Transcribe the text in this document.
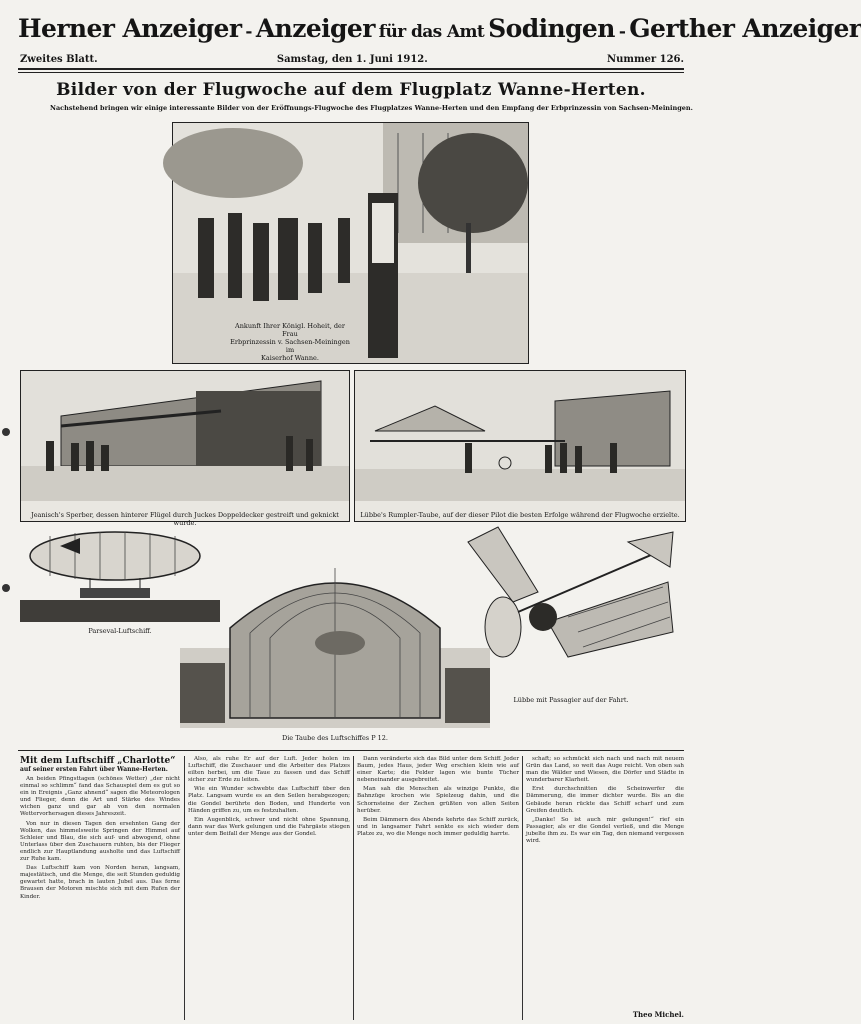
Herner Anzeiger - Anzeiger für das Amt Sodingen - Gerther Anzeiger
Zweites Blatt.	Samstag, den 1. Juni 1912.	Nummer 126.
Bilder von der Flugwoche auf dem Flugplatz Wanne-Herten.
Nachstehend bringen wir einige interessante Bilder von der Eröffnungs-Flugwoche des Flugplatzes Wanne-Herten und den Empfang der Erbprinzessin von Sachsen-Meiningen.
Ankunft Ihrer Königl. Hoheit, der Frau
Erbprinzessin v. Sachsen-Meiningen im
Kaiserhof Wanne.
Jeanisch's Sperber, dessen hinterer Flügel durch Juckes Doppeldecker gestreift und geknickt wurde.
Lübbe's Rumpler-Taube, auf der dieser Pilot die besten Erfolge während der Flugwoche erzielte.
Parseval-Luftschiff.
Die Taube des Luftschiffes P 12.
Lübbe mit Passagier auf der Fahrt.
Mit dem Luftschiff „Charlotte“
auf seiner ersten Fahrt über Wanne-Herten.

An beiden Pfingsttagen (schönes Wetter) „der nicht einmal so schlimm“ fand das Schauspiel dem es gut so ein in Ereignis „Ganz ahnend“ sagen die Meteorologen und Flieger, denn die Art und Stärke des Windes wichen ganz und gar ab von den normalen Wettervorhersagen dieses Jahreszeit.

Von nur in diesen Tagen den ersehnten Gang der Wolken, das himmelsweite Springen der Himmel auf Schleier und Blau, die sich auf- und abwogend, ohne Unterlass über den Zuschauern ruhten, bis der Flieger endlich zur Hauptlandung ausholte und das Luftschiff zur Ruhe kam.

Das Luftschiff kam von Norden heran, langsam, majestätisch, und die Menge, die seit Stunden geduldig gewartet hatte, brach in lauten Jubel aus. Das ferne Brausen der Motoren mischte sich mit dem Rufen der Kinder.

Also, als ruhe Er auf der Luft. Jeder holen im Luftschiff, die Zuschauer und die Arbeiter des Platzes eilten herbei, um die Taue zu fassen und das Schiff sicher zur Erde zu leiten.

Wie ein Wunder schwebte das Luftschiff über den Platz. Langsam wurde es an den Seilen herabgezogen; die Gondel berührte den Boden, und Hunderte von Händen griffen zu, um es festzuhalten.

Ein Augenblick, schwer und nicht ohne Spannung, dann war das Werk gelungen und die Fahrgäste stiegen unter dem Beifall der Menge aus der Gondel.

Dann veränderte sich das Bild unter dem Schiff. Jeder Baum, jedes Haus, jeder Weg erschien klein wie auf einer Karte; die Felder lagen wie bunte Tücher nebeneinander ausgebreitet.

Man sah die Menschen als winzige Punkte, die Bahnzüge krochen wie Spielzeug dahin, und die Schornsteine der Zechen grüßten von allen Seiten herüber.

Beim Dämmern des Abends kehrte das Schiff zurück, und in langsamer Fahrt senkte es sich wieder dem Platze zu, wo die Menge noch immer geduldig harrte.

schaft; so schmückt sich nach und nach mit neuem Grün das Land, so weit das Auge reicht. Von oben sah man die Wälder und Wiesen, die Dörfer und Städte in wunderbarer Klarheit.

Erst durchschnitten die Scheinwerfer die Dämmerung, die immer dichter wurde. Bis an die Gebäude heran rückte das Schiff scharf und zum Greifen deutlich.

„Danke! So ist auch mir gelungen!“ rief ein Passagier, als er die Gondel verließ, und die Menge jubelte ihm zu. Es war ein Tag, den niemand vergessen wird.

Theo Michel.
